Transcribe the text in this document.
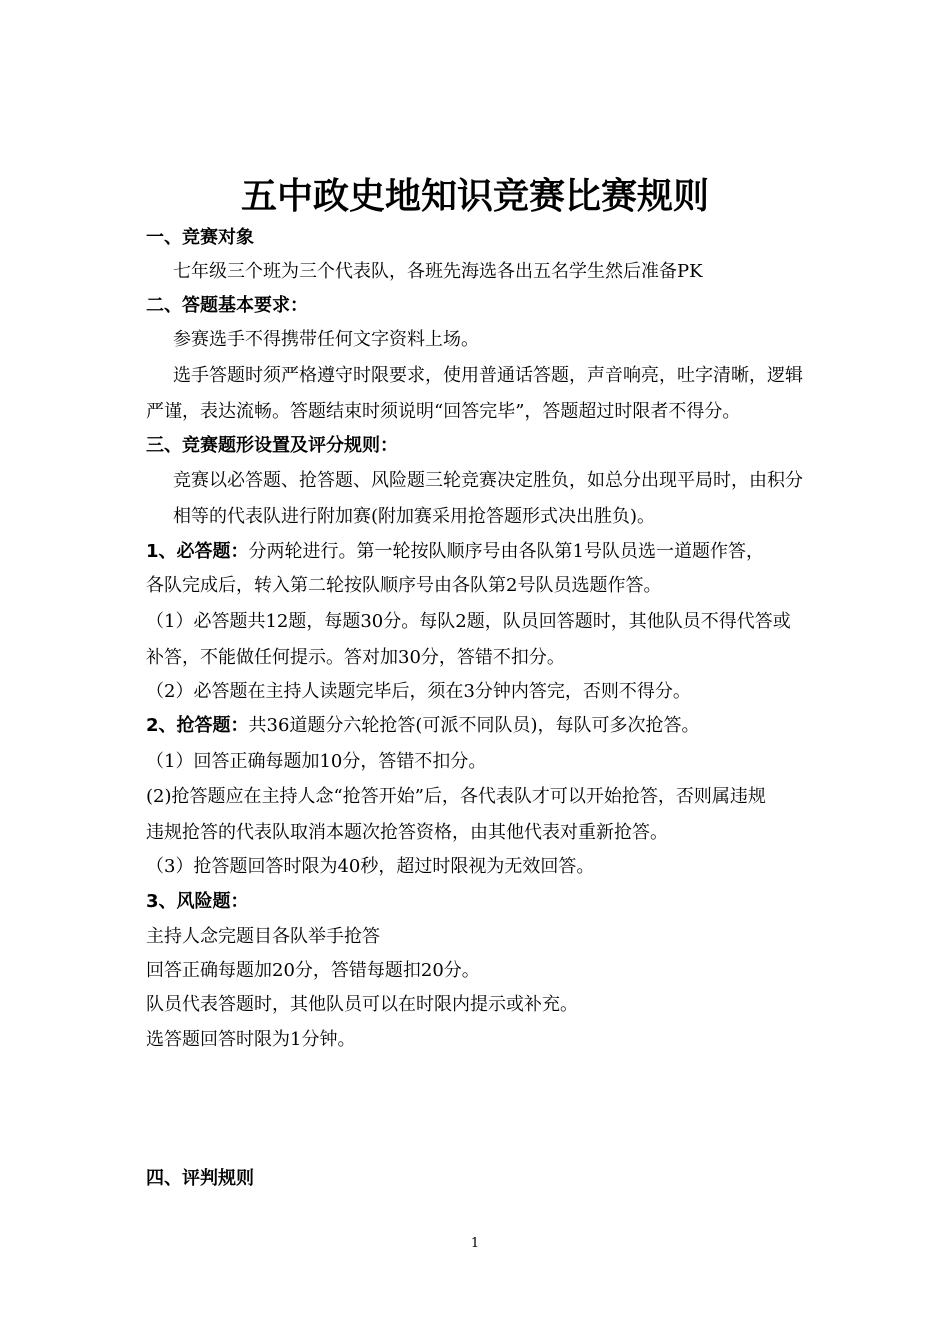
五中政史地知识竞赛比赛规则
一、竞赛对象
七年级三个班为三个代表队，各班先海选各出五名学生然后准备PK
二、答题基本要求：
参赛选手不得携带任何文字资料上场。
选手答题时须严格遵守时限要求，使用普通话答题，声音响亮，吐字清晰，逻辑
严谨，表达流畅。答题结束时须说明“回答完毕”，答题超过时限者不得分。
三、竞赛题形设置及评分规则：
竞赛以必答题、抢答题、风险题三轮竞赛决定胜负，如总分出现平局时，由积分
相等的代表队进行附加赛(附加赛采用抢答题形式决出胜负)。
1、必答题：分两轮进行。第一轮按队顺序号由各队第1号队员选一道题作答，
各队完成后，转入第二轮按队顺序号由各队第2号队员选题作答。
（1）必答题共12题，每题30分。每队2题，队员回答题时，其他队员不得代答或
补答，不能做任何提示。答对加30分，答错不扣分。
（2）必答题在主持人读题完毕后，须在3分钟内答完，否则不得分。
2、抢答题：共36道题分六轮抢答(可派不同队员)，每队可多次抢答。
（1）回答正确每题加10分，答错不扣分。
(2)抢答题应在主持人念“抢答开始”后，各代表队才可以开始抢答，否则属违规
违规抢答的代表队取消本题次抢答资格，由其他代表对重新抢答。
（3）抢答题回答时限为40秒，超过时限视为无效回答。
3、风险题：
主持人念完题目各队举手抢答
回答正确每题加20分，答错每题扣20分。
队员代表答题时，其他队员可以在时限内提示或补充。
选答题回答时限为1分钟。
四、评判规则
1
